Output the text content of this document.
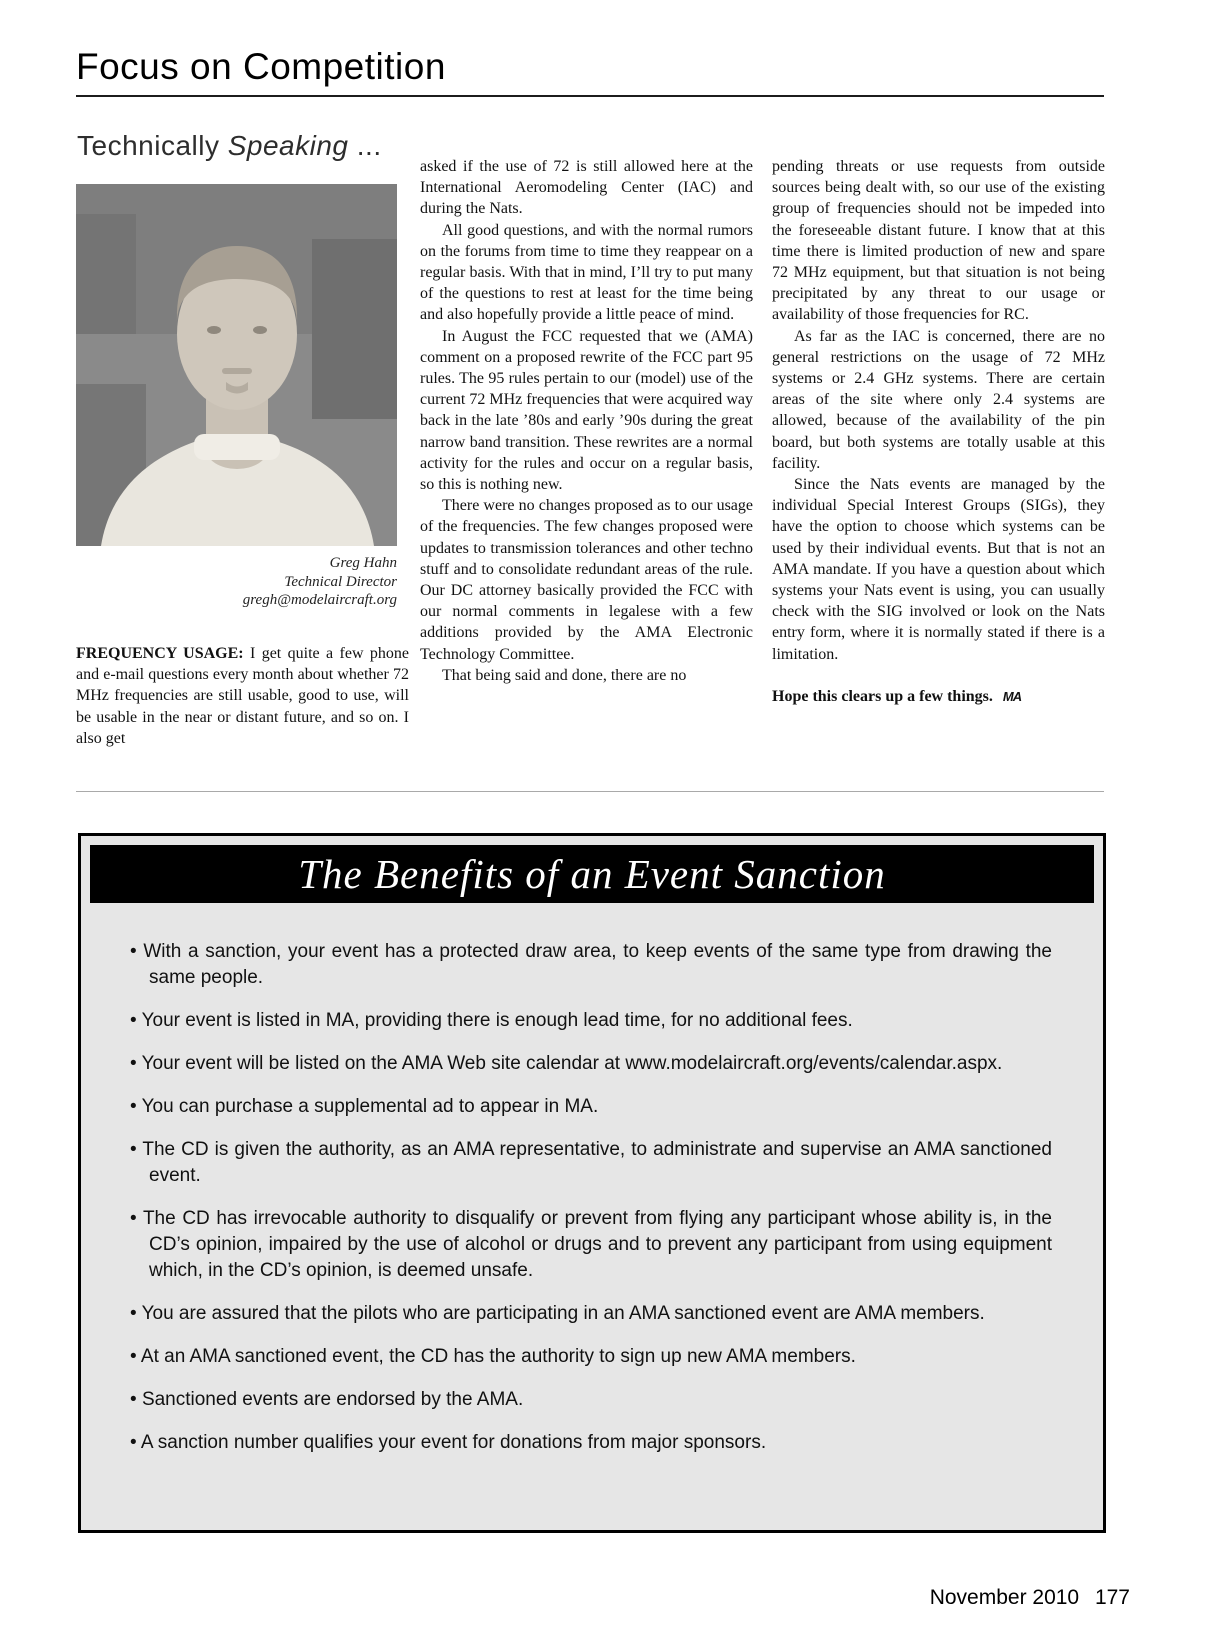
Focus on Competition
Technically Speaking ...
Greg Hahn
Technical Director
gregh@modelaircraft.org

FREQUENCY USAGE: I get quite a few phone and e-mail questions every month about whether 72 MHz frequencies are still usable, good to use, will be usable in the near or distant future, and so on. I also get

asked if the use of 72 is still allowed here at the International Aeromodeling Center (IAC) and during the Nats.

All good questions, and with the normal rumors on the forums from time to time they reappear on a regular basis. With that in mind, I’ll try to put many of the questions to rest at least for the time being and also hopefully provide a little peace of mind.

In August the FCC requested that we (AMA) comment on a proposed rewrite of the FCC part 95 rules. The 95 rules pertain to our (model) use of the current 72 MHz frequencies that were acquired way back in the late ’80s and early ’90s during the great narrow band transition. These rewrites are a normal activity for the rules and occur on a regular basis, so this is nothing new.

There were no changes proposed as to our usage of the frequencies. The few changes proposed were updates to transmission tolerances and other techno stuff and to consolidate redundant areas of the rule. Our DC attorney basically provided the FCC with our normal comments in legalese with a few additions provided by the AMA Electronic Technology Committee.

That being said and done, there are no

pending threats or use requests from outside sources being dealt with, so our use of the existing group of frequencies should not be impeded into the foreseeable distant future. I know that at this time there is limited production of new and spare 72 MHz equipment, but that situation is not being precipitated by any threat to our usage or availability of those frequencies for RC.

As far as the IAC is concerned, there are no general restrictions on the usage of 72 MHz systems or 2.4 GHz systems. There are certain areas of the site where only 2.4 systems are allowed, because of the availability of the pin board, but both systems are totally usable at this facility.

Since the Nats events are managed by the individual Special Interest Groups (SIGs), they have the option to choose which systems can be used by their individual events. But that is not an AMA mandate. If you have a question about which systems your Nats event is using, you can usually check with the SIG involved or look on the Nats entry form, where it is normally stated if there is a limitation.

Hope this clears up a few things. MA

The Benefits of an Event Sanction
• With a sanction, your event has a protected draw area, to keep events of the same type from drawing the same people.
• Your event is listed in MA, providing there is enough lead time, for no additional fees.
• Your event will be listed on the AMA Web site calendar at www.modelaircraft.org/events/calendar.aspx.
• You can purchase a supplemental ad to appear in MA.
• The CD is given the authority, as an AMA representative, to administrate and supervise an AMA sanctioned event.
• The CD has irrevocable authority to disqualify or prevent from flying any participant whose ability is, in the CD’s opinion, impaired by the use of alcohol or drugs and to prevent any participant from using equipment which, in the CD’s opinion, is deemed unsafe.
• You are assured that the pilots who are participating in an AMA sanctioned event are AMA members.
• At an AMA sanctioned event, the CD has the authority to sign up new AMA members.
• Sanctioned events are endorsed by the AMA.
• A sanction number qualifies your event for donations from major sponsors.
November 2010 177
